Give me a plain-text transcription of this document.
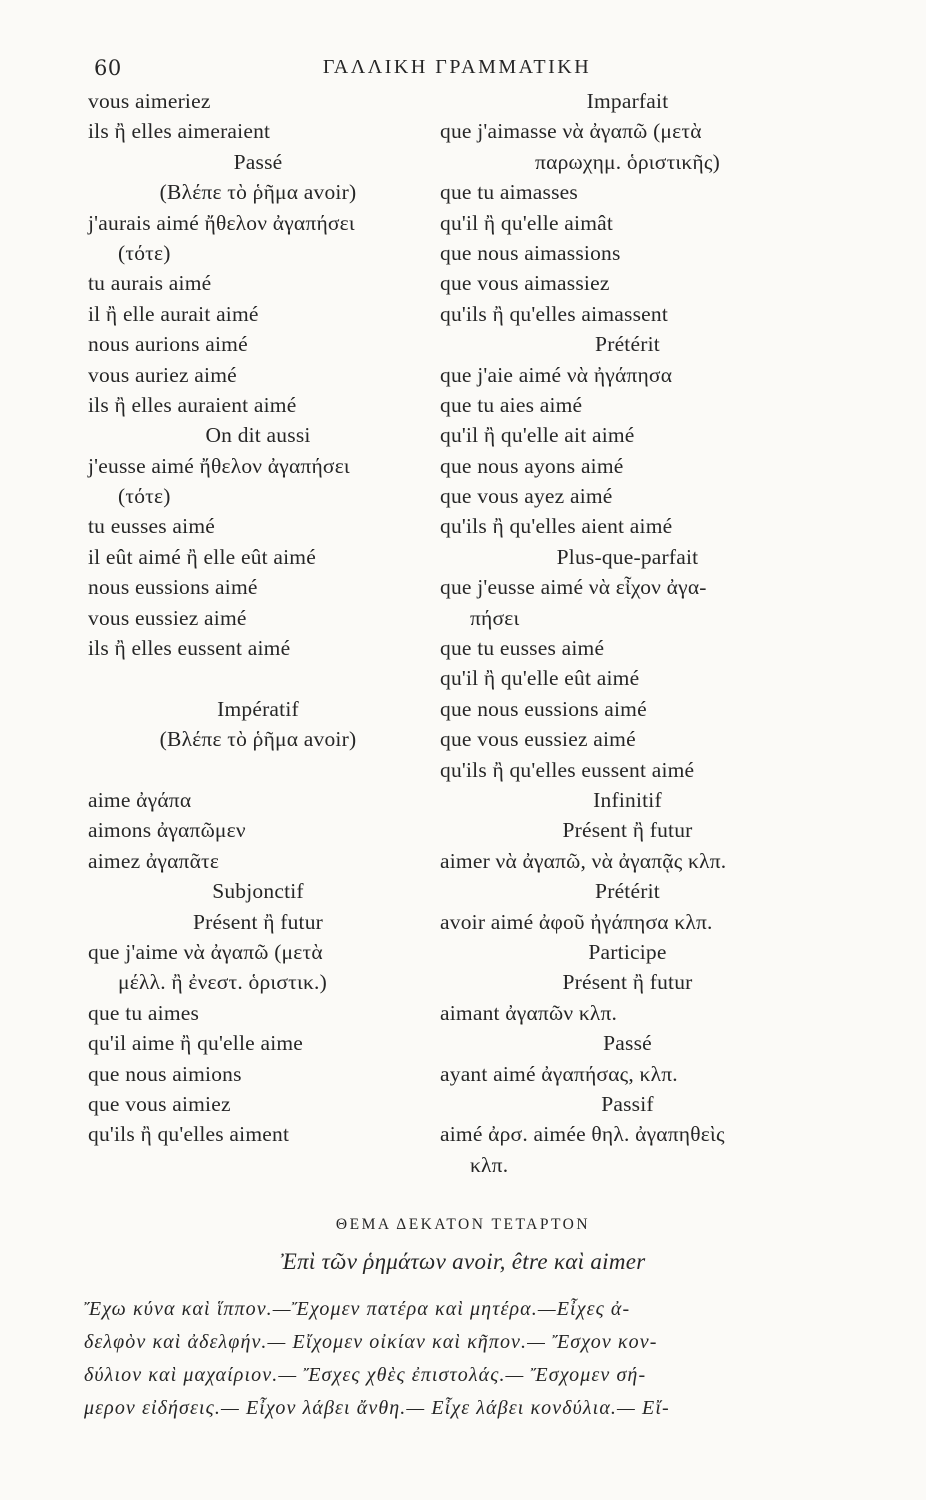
60	ΓΑΛΛΙΚΗ ΓΡΑΜΜΑΤΙΚΗ
vous aimeriez
ils ἢ elles aimeraient
Passé
(Βλέπε τὸ ῥῆμα avoir)
j'aurais aimé ἤθελον ἀγαπήσει
(τότε)
tu aurais aimé
il ἢ elle aurait aimé
nous aurions aimé
vous auriez aimé
ils ἢ elles auraient aimé
On dit aussi
j'eusse aimé ἤθελον ἀγαπήσει
(τότε)
tu eusses aimé
il eût aimé ἢ elle eût aimé
nous eussions aimé
vous eussiez aimé
ils ἢ elles eussent aimé
Impératif
(Βλέπε τὸ ῥῆμα avoir)
aime ἀγάπα
aimons ἀγαπῶμεν
aimez ἀγαπᾶτε
Subjonctif
Présent ἢ futur
que j'aime νὰ ἀγαπῶ (μετὰ
μέλλ. ἢ ἐνεστ. ὁριστικ.)
que tu aimes
qu'il aime ἢ qu'elle aime
que nous aimions
que vous aimiez
qu'ils ἢ qu'elles aiment
Imparfait
que j'aimasse νὰ ἀγαπῶ (μετὰ
παρωχημ. ὁριστικῆς)
que tu aimasses
qu'il ἢ qu'elle aimât
que nous aimassions
que vous aimassiez
qu'ils ἢ qu'elles aimassent
Prétérit
que j'aie aimé νὰ ἠγάπησα
que tu aies aimé
qu'il ἢ qu'elle ait aimé
que nous ayons aimé
que vous ayez aimé
qu'ils ἢ qu'elles aient aimé
Plus-que-parfait
que j'eusse aimé νὰ εἶχον ἀγα-
πήσει
que tu eusses aimé
qu'il ἢ qu'elle eût aimé
que nous eussions aimé
que vous eussiez aimé
qu'ils ἢ qu'elles eussent aimé
Infinitif
Présent ἢ futur
aimer νὰ ἀγαπῶ, νὰ ἀγαπᾷς κλπ.
Prétérit
avoir aimé ἀφοῦ ἠγάπησα κλπ.
Participe
Présent ἢ futur
aimant ἀγαπῶν κλπ.
Passé
ayant aimé ἀγαπήσας, κλπ.
Passif
aimé ἀρσ. aimée θηλ. ἀγαπηθεὶς
κλπ.
ΘΕΜΑ ΔΕΚΑΤΟΝ ΤΕΤΑΡΤΟΝ
Ἐπὶ τῶν ῥημάτων avoir, être καὶ aimer
Ἔχω κύνα καὶ ἵππον.—Ἔχομεν πατέρα καὶ μητέρα.—Εἶχες ἀ-
δελφὸν καὶ ἀδελφήν.— Εἴχομεν οἰκίαν καὶ κῆπον.— Ἔσχον κον-
δύλιον καὶ μαχαίριον.— Ἔσχες χθὲς ἐπιστολάς.— Ἔσχομεν σή-
μερον εἰδήσεις.— Εἶχον λάβει ἄνθη.— Εἶχε λάβει κονδύλια.— Εἴ-
